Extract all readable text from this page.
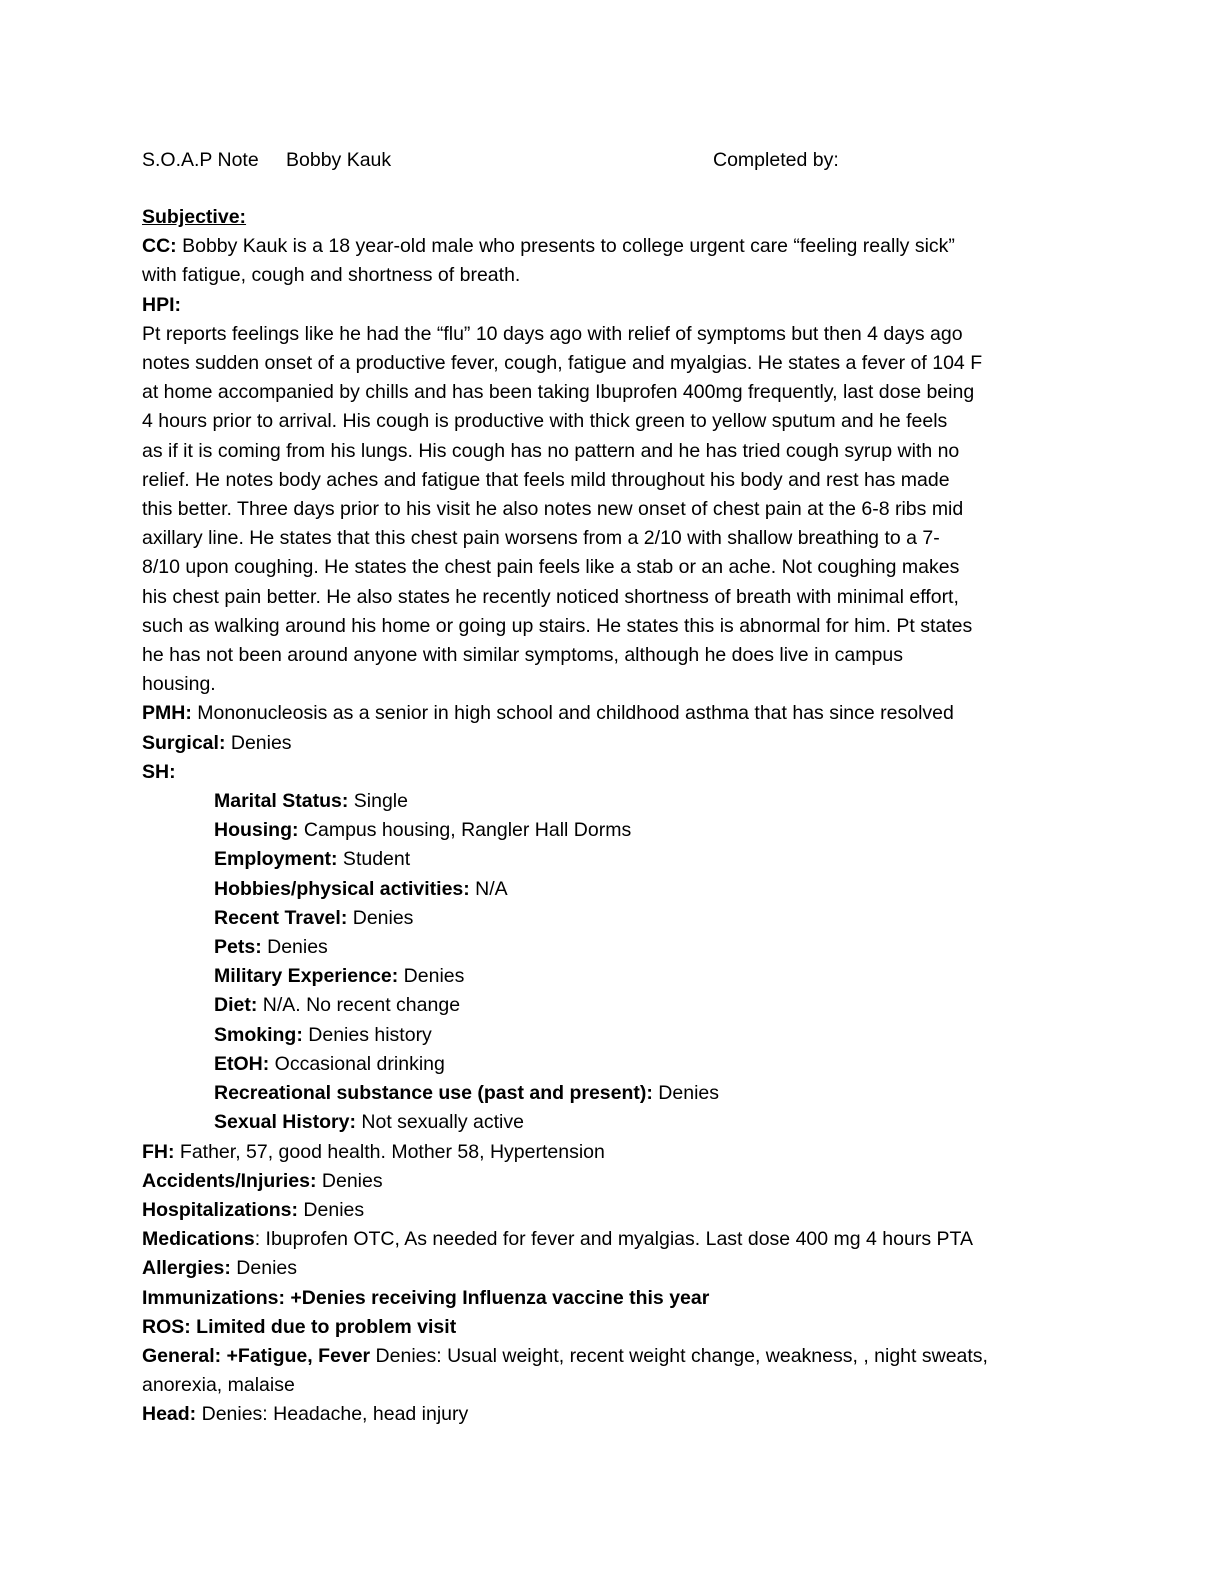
S.O.A.P Note Bobby Kauk	Completed by:
Subjective:
CC: Bobby Kauk is a 18 year-old male who presents to college urgent care “feeling really sick”
with fatigue, cough and shortness of breath.
HPI:
Pt reports feelings like he had the “flu” 10 days ago with relief of symptoms but then 4 days ago
notes sudden onset of a productive fever, cough, fatigue and myalgias. He states a fever of 104 F
at home accompanied by chills and has been taking Ibuprofen 400mg frequently, last dose being
4 hours prior to arrival. His cough is productive with thick green to yellow sputum and he feels
as if it is coming from his lungs. His cough has no pattern and he has tried cough syrup with no
relief. He notes body aches and fatigue that feels mild throughout his body and rest has made
this better. Three days prior to his visit he also notes new onset of chest pain at the 6-8 ribs mid
axillary line. He states that this chest pain worsens from a 2/10 with shallow breathing to a 7-
8/10 upon coughing. He states the chest pain feels like a stab or an ache. Not coughing makes
his chest pain better. He also states he recently noticed shortness of breath with minimal effort,
such as walking around his home or going up stairs. He states this is abnormal for him. Pt states
he has not been around anyone with similar symptoms, although he does live in campus
housing.
PMH: Mononucleosis as a senior in high school and childhood asthma that has since resolved
Surgical: Denies
SH:
Marital Status: Single
Housing: Campus housing, Rangler Hall Dorms
Employment: Student
Hobbies/physical activities: N/A
Recent Travel: Denies
Pets: Denies
Military Experience: Denies
Diet: N/A. No recent change
Smoking: Denies history
EtOH: Occasional drinking
Recreational substance use (past and present): Denies
Sexual History: Not sexually active
FH: Father, 57, good health. Mother 58, Hypertension
Accidents/Injuries: Denies
Hospitalizations: Denies
Medications: Ibuprofen OTC, As needed for fever and myalgias. Last dose 400 mg 4 hours PTA
Allergies: Denies
Immunizations: +Denies receiving Influenza vaccine this year
ROS: Limited due to problem visit
General: +Fatigue, Fever Denies: Usual weight, recent weight change, weakness, , night sweats,
anorexia, malaise
Head: Denies: Headache, head injury
